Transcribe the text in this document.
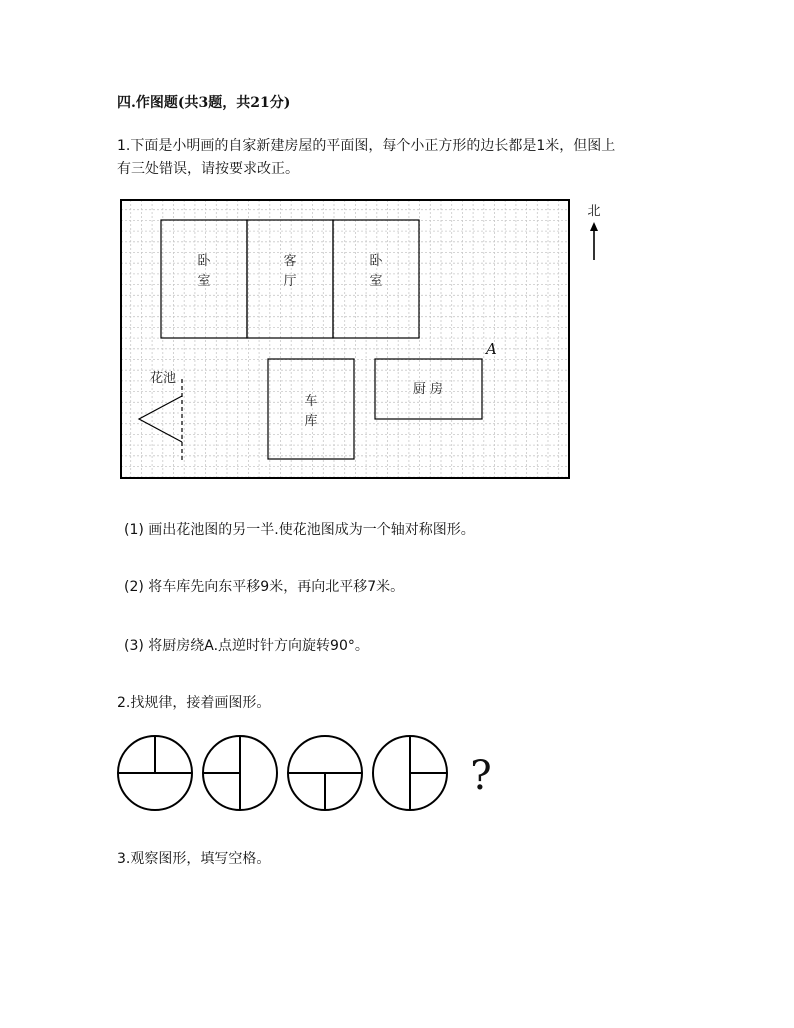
四.作图题(共3题，共21分)
1.下面是小明画的自家新建房屋的平面图，每个小正方形的边长都是1米，但图上
有三处错误，请按要求改正。
卧
室
客
厅
卧
室
车
库
厨 房
A
花池
北
(1) 画出花池图的另一半.使花池图成为一个轴对称图形。
(2) 将车库先向东平移9米，再向北平移7米。
(3) 将厨房绕A.点逆时针方向旋转90°。
2.找规律，接着画图形。
?
3.观察图形，填写空格。
